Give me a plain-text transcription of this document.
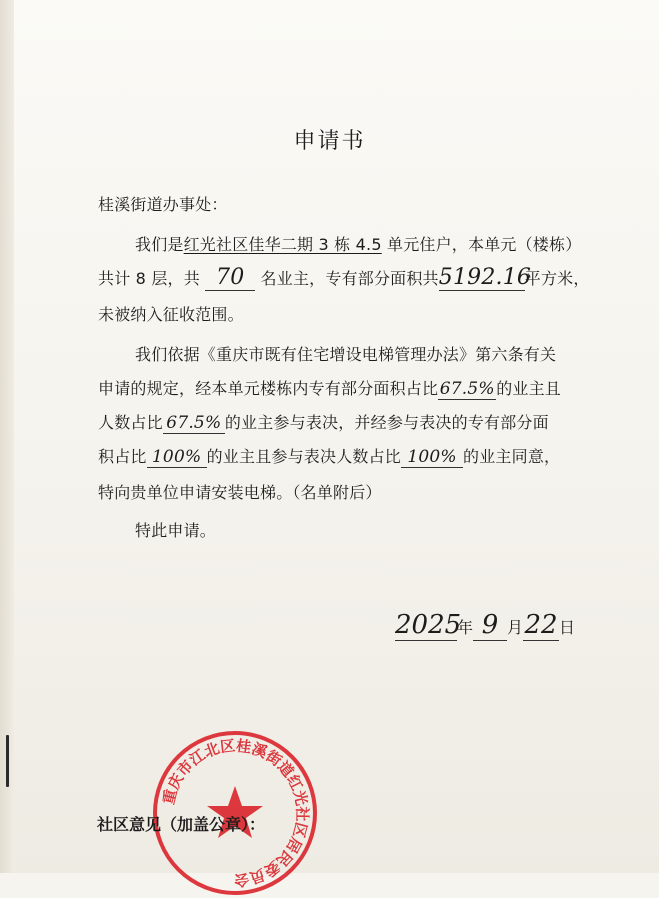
申请书
桂溪街道办事处：
我们是红光社区佳华二期 3 栋 4.5 单元住户，本单元（楼栋）
共计 8 层，共 70 名业主，专有部分面积共5192.16平方米，
未被纳入征收范围。
我们依据《重庆市既有住宅增设电梯管理办法》第六条有关
申请的规定，经本单元楼栋内专有部分面积占比67.5%的业主且
人数占比 67.5% 的业主参与表决，并经参与表决的专有部分面
积占比 100% 的业主且参与表决人数占比 100% 的业主同意，
特向贵单位申请安装电梯。（名单附后）
特此申请。
2025年 9 月22日
重庆市江北区桂溪街道红光社区居民委员会
社区意见（加盖公章）：
